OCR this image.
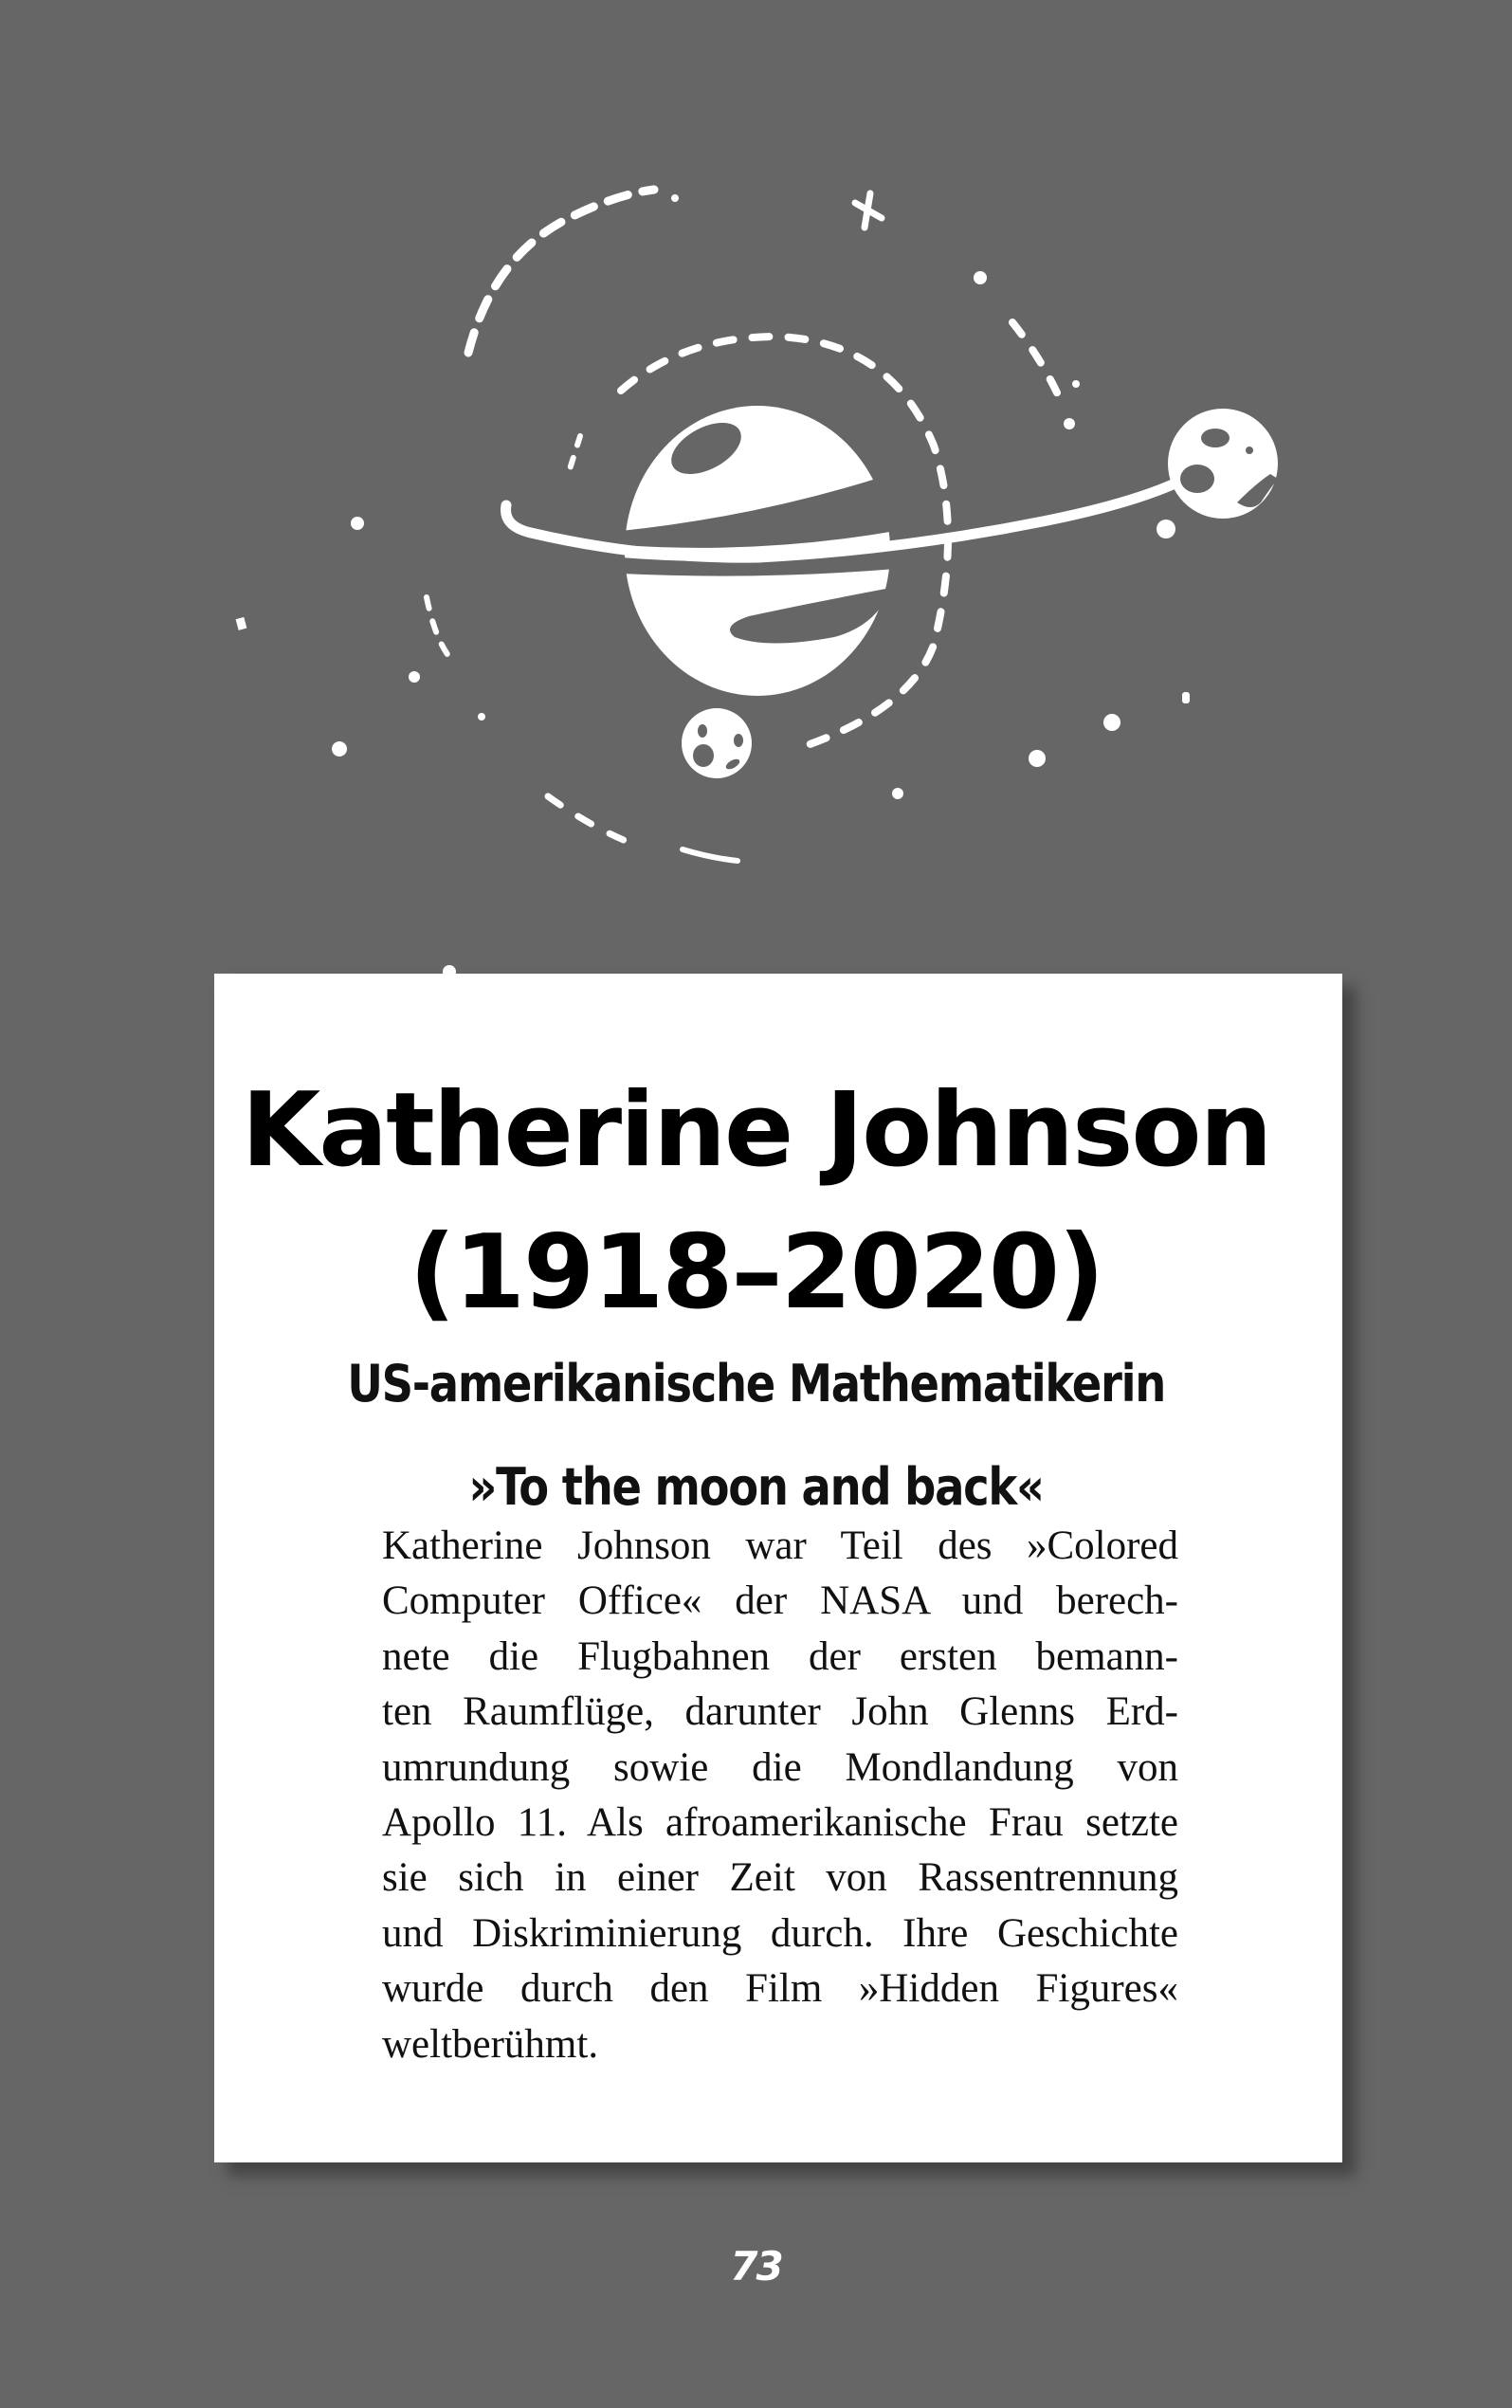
Katherine Johnson
(1918–2020)
US-amerikanische Mathematikerin
»To the moon and back«
Katherine Johnson war Teil des »Colored
Computer Office« der NASA und berech-
nete die Flugbahnen der ersten bemann-
ten Raumflüge, darunter John Glenns Erd-
umrundung sowie die Mondlandung von
Apollo 11. Als afroamerikanische Frau setzte
sie sich in einer Zeit von Rassentrennung
und Diskriminierung durch. Ihre Geschichte
wurde durch den Film »Hidden Figures«
weltberühmt.
73
